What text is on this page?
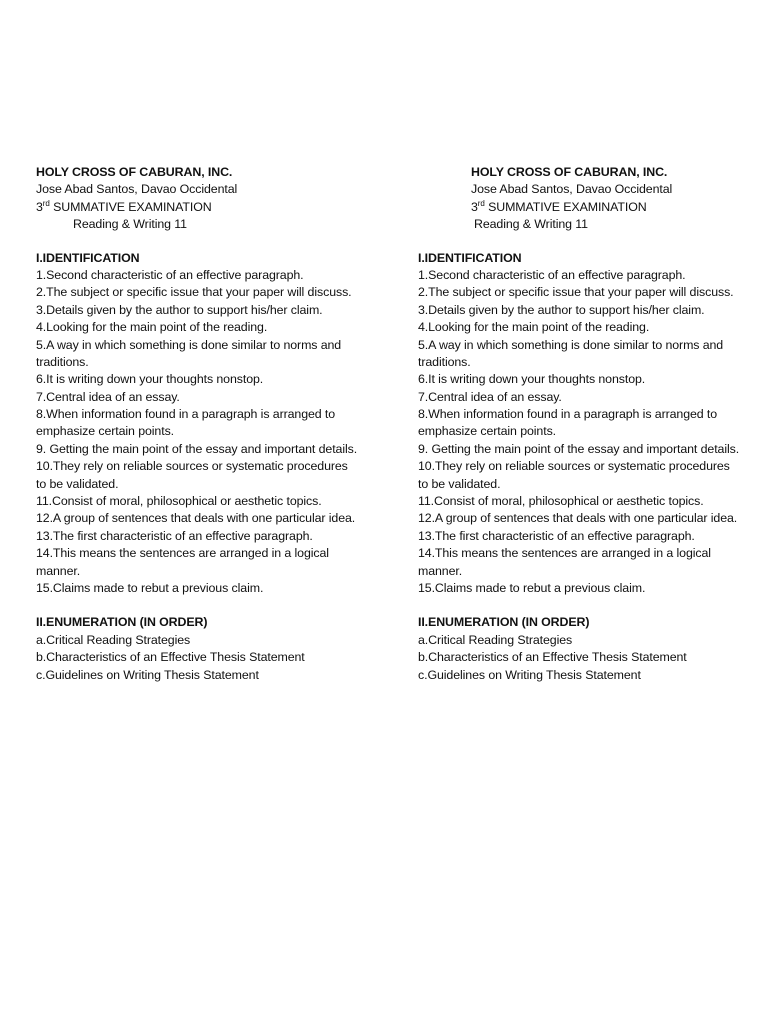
HOLY CROSS OF CABURAN, INC.
Jose Abad Santos, Davao Occidental
3rd SUMMATIVE EXAMINATION
Reading & Writing 11
I.IDENTIFICATION
1.Second characteristic of an effective paragraph.
2.The subject or specific issue that your paper will discuss.
3.Details given by the author to support his/her claim.
4.Looking for the main point of the reading.
5.A way in which something is done similar to norms and
traditions.
6.It is writing down your thoughts nonstop.
7.Central idea of an essay.
8.When information found in a paragraph is arranged to
emphasize certain points.
9. Getting the main point of the essay and important details.
10.They rely on reliable sources or systematic procedures
to be validated.
11.Consist of moral, philosophical or aesthetic topics.
12.A group of sentences that deals with one particular idea.
13.The first characteristic of an effective paragraph.
14.This means the sentences are arranged in a logical
manner.
15.Claims made to rebut a previous claim.
II.ENUMERATION (IN ORDER)
a.Critical Reading Strategies
b.Characteristics of an Effective Thesis Statement
c.Guidelines on Writing Thesis Statement
HOLY CROSS OF CABURAN, INC.
Jose Abad Santos, Davao Occidental
3rd SUMMATIVE EXAMINATION
Reading & Writing 11
I.IDENTIFICATION
1.Second characteristic of an effective paragraph.
2.The subject or specific issue that your paper will discuss.
3.Details given by the author to support his/her claim.
4.Looking for the main point of the reading.
5.A way in which something is done similar to norms and
traditions.
6.It is writing down your thoughts nonstop.
7.Central idea of an essay.
8.When information found in a paragraph is arranged to
emphasize certain points.
9. Getting the main point of the essay and important details.
10.They rely on reliable sources or systematic procedures
to be validated.
11.Consist of moral, philosophical or aesthetic topics.
12.A group of sentences that deals with one particular idea.
13.The first characteristic of an effective paragraph.
14.This means the sentences are arranged in a logical
manner.
15.Claims made to rebut a previous claim.
II.ENUMERATION (IN ORDER)
a.Critical Reading Strategies
b.Characteristics of an Effective Thesis Statement
c.Guidelines on Writing Thesis Statement
